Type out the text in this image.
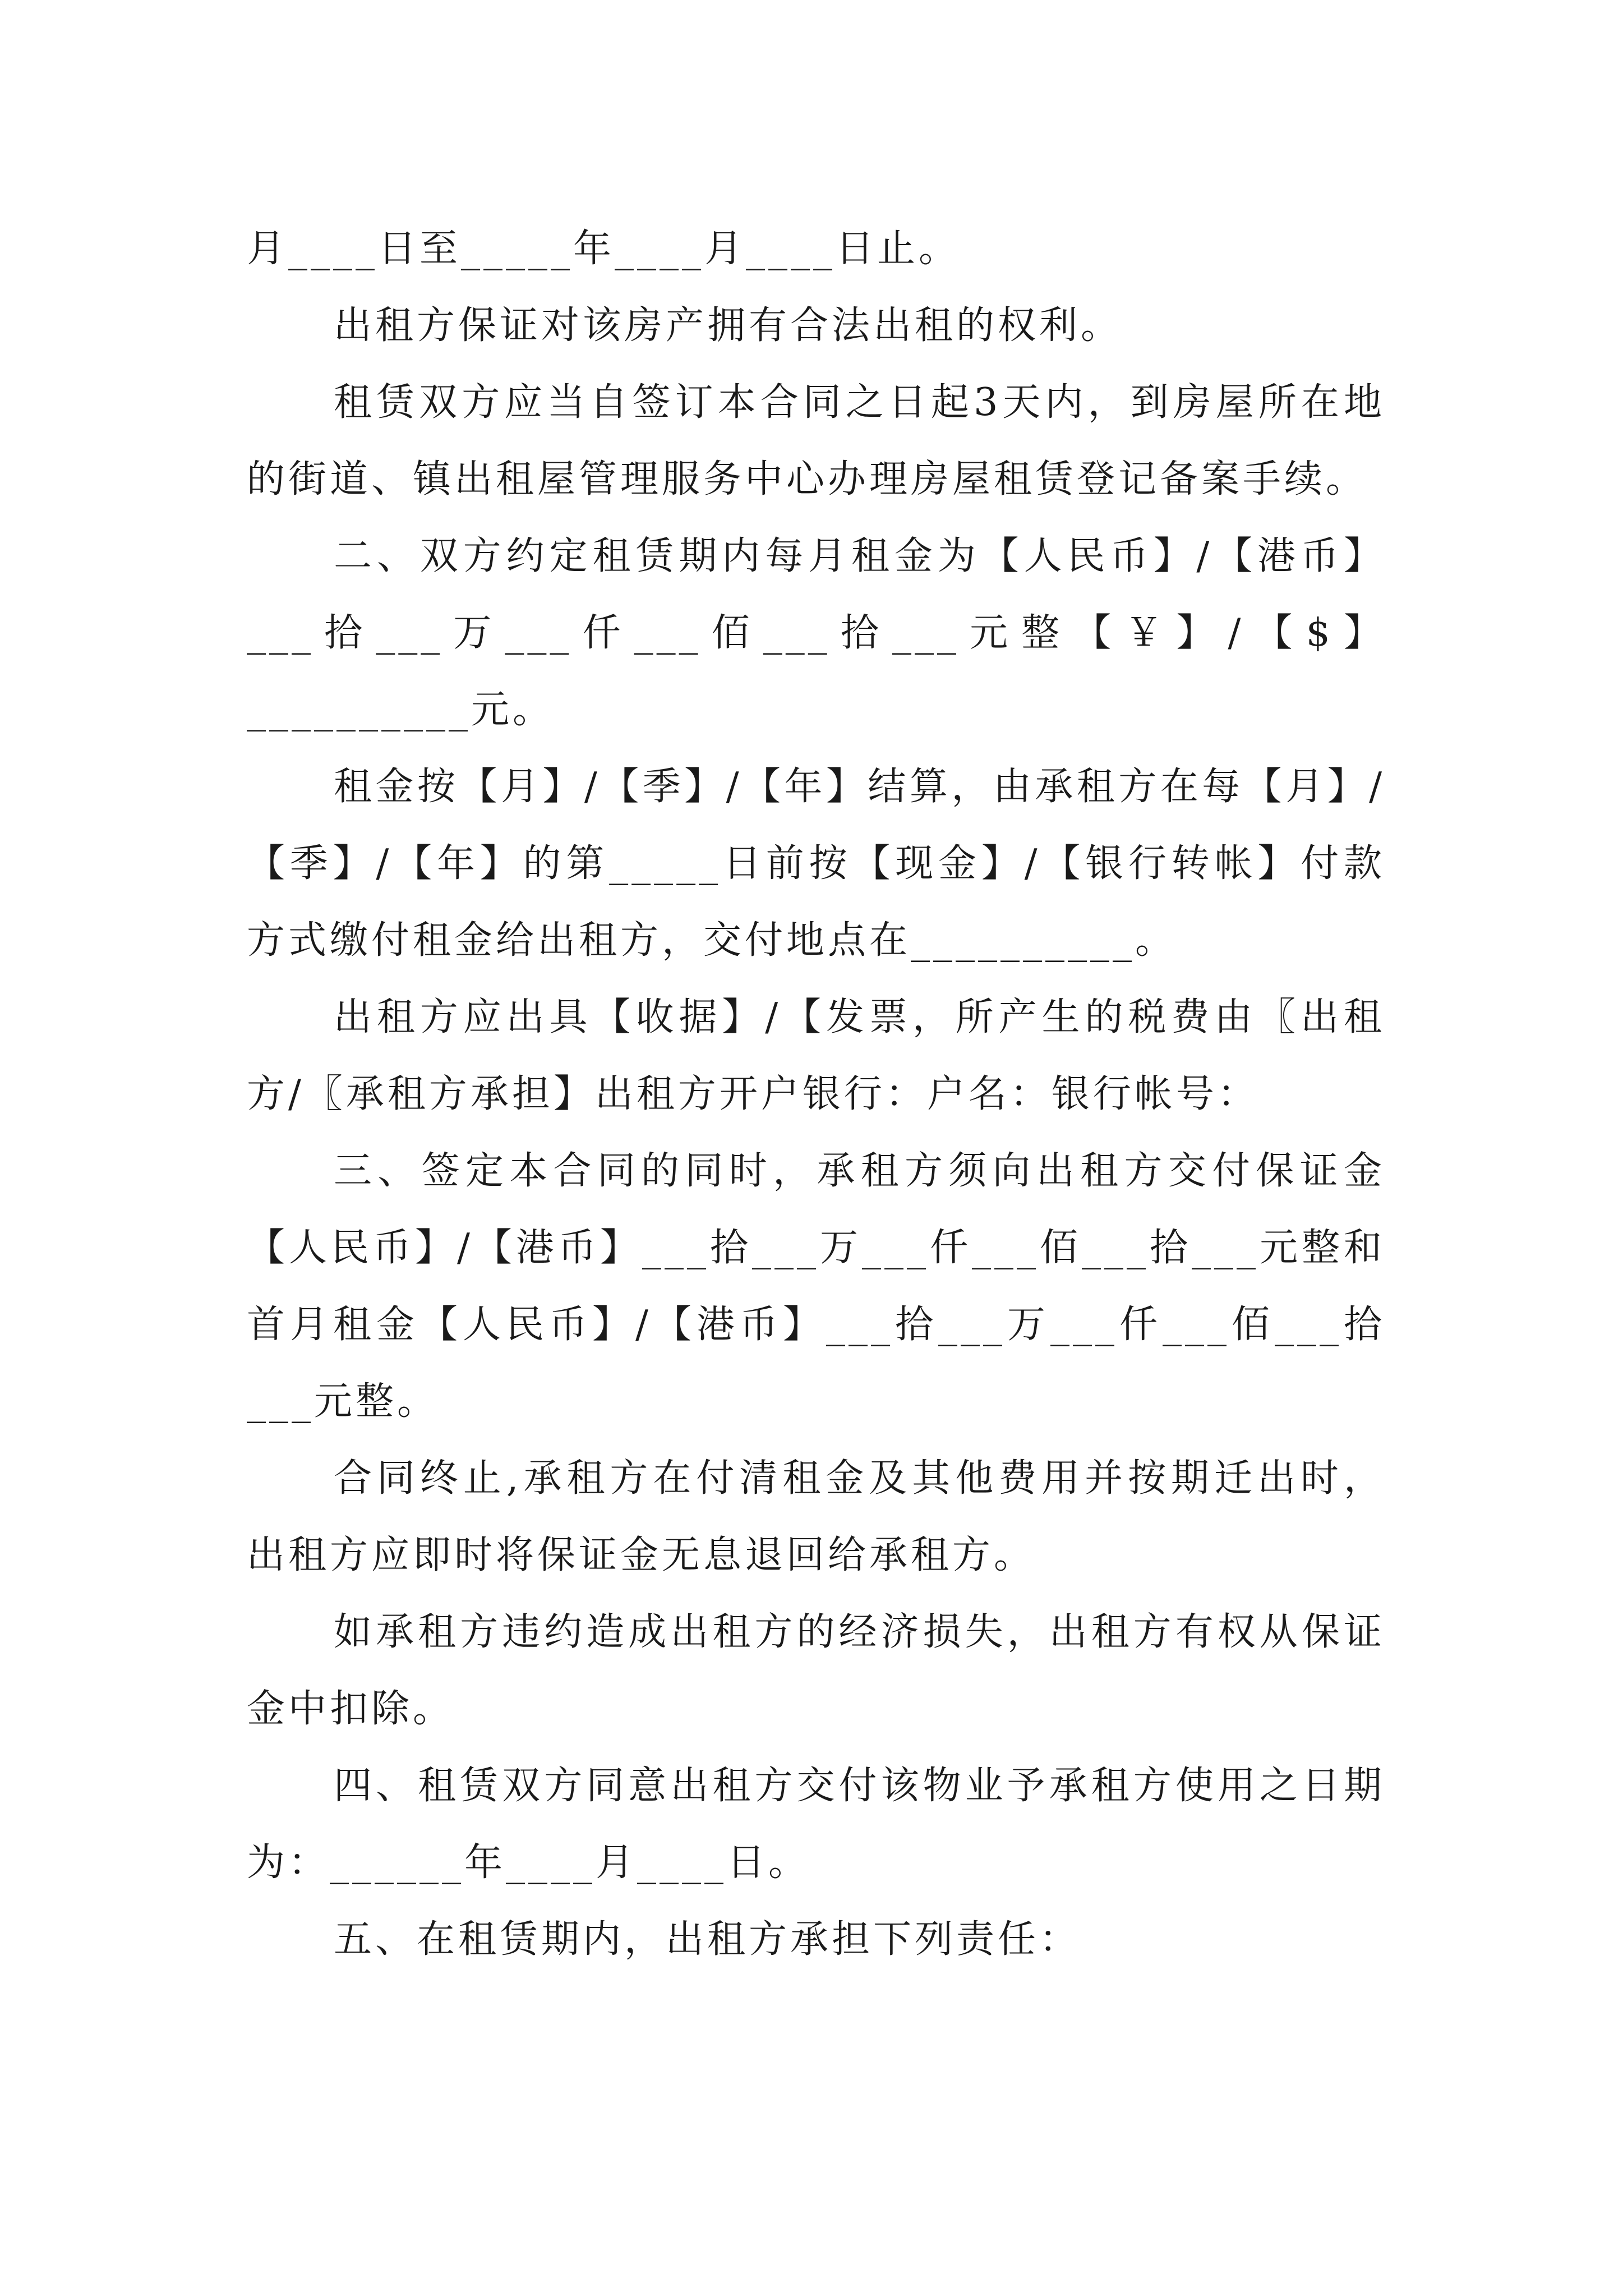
月____日至_____年____月____日止。

出租方保证对该房产拥有合法出租的权利。

租赁双方应当自签订本合同之日起3天内，到房屋所在地的街道、镇出租屋管理服务中心办理房屋租赁登记备案手续。

二、双方约定租赁期内每月租金为【人民币】/【港币】___拾___万___仟___佰___拾___元整【￥】/【$】__________元。

租金按【月】/【季】/【年】结算，由承租方在每【月】/【季】/【年】的第_____日前按【现金】/【银行转帐】付款方式缴付租金给出租方，交付地点在__________。

出租方应出具【收据】/【发票，所产生的税费由〖出租方/〖承租方承担】出租方开户银行：户名：银行帐号：

三、签定本合同的同时，承租方须向出租方交付保证金【人民币】/【港币】___拾___万___仟___佰___拾___元整和首月租金【人民币】/【港币】___拾___万___仟___佰___拾___元整。

合同终止,承租方在付清租金及其他费用并按期迁出时，出租方应即时将保证金无息退回给承租方。

如承租方违约造成出租方的经济损失，出租方有权从保证金中扣除。

四、租赁双方同意出租方交付该物业予承租方使用之日期为：______年____月____日。

五、在租赁期内，出租方承担下列责任：
